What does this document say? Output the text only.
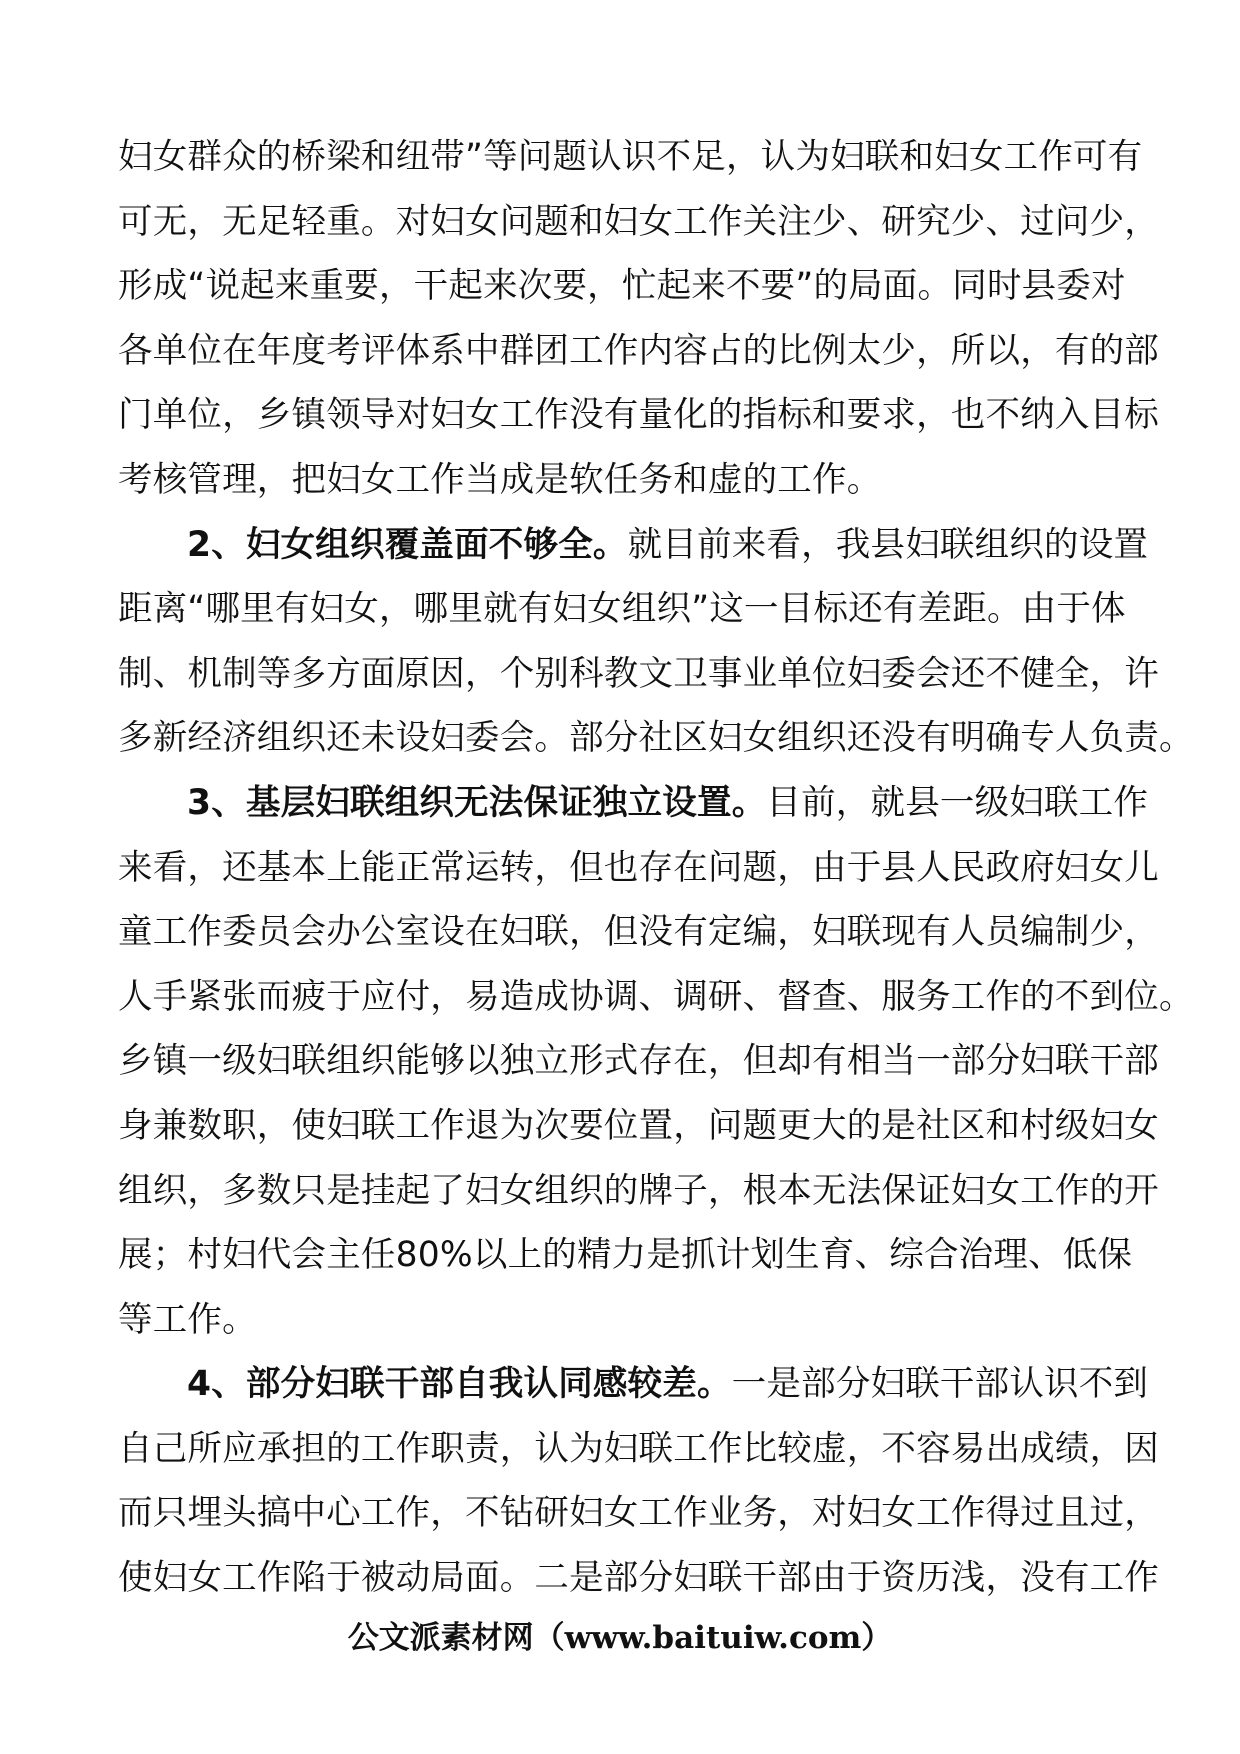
妇女群众的桥梁和纽带”等问题认识不足，认为妇联和妇女工作可有
可无，无足轻重。对妇女问题和妇女工作关注少、研究少、过问少，
形成“说起来重要，干起来次要，忙起来不要”的局面。同时县委对
各单位在年度考评体系中群团工作内容占的比例太少，所以，有的部
门单位，乡镇领导对妇女工作没有量化的指标和要求，也不纳入目标
考核管理，把妇女工作当成是软任务和虚的工作。
2、妇女组织覆盖面不够全。就目前来看，我县妇联组织的设置
距离“哪里有妇女，哪里就有妇女组织”这一目标还有差距。由于体
制、机制等多方面原因，个别科教文卫事业单位妇委会还不健全，许
多新经济组织还未设妇委会。部分社区妇女组织还没有明确专人负责。
3、基层妇联组织无法保证独立设置。目前，就县一级妇联工作
来看，还基本上能正常运转，但也存在问题，由于县人民政府妇女儿
童工作委员会办公室设在妇联，但没有定编，妇联现有人员编制少，
人手紧张而疲于应付，易造成协调、调研、督查、服务工作的不到位。
乡镇一级妇联组织能够以独立形式存在，但却有相当一部分妇联干部
身兼数职，使妇联工作退为次要位置，问题更大的是社区和村级妇女
组织，多数只是挂起了妇女组织的牌子，根本无法保证妇女工作的开
展；村妇代会主任80%以上的精力是抓计划生育、综合治理、低保
等工作。
4、部分妇联干部自我认同感较差。一是部分妇联干部认识不到
自己所应承担的工作职责，认为妇联工作比较虚，不容易出成绩，因
而只埋头搞中心工作，不钻研妇女工作业务，对妇女工作得过且过，
使妇女工作陷于被动局面。二是部分妇联干部由于资历浅，没有工作
公文派素材网（www.baituiw.com）
